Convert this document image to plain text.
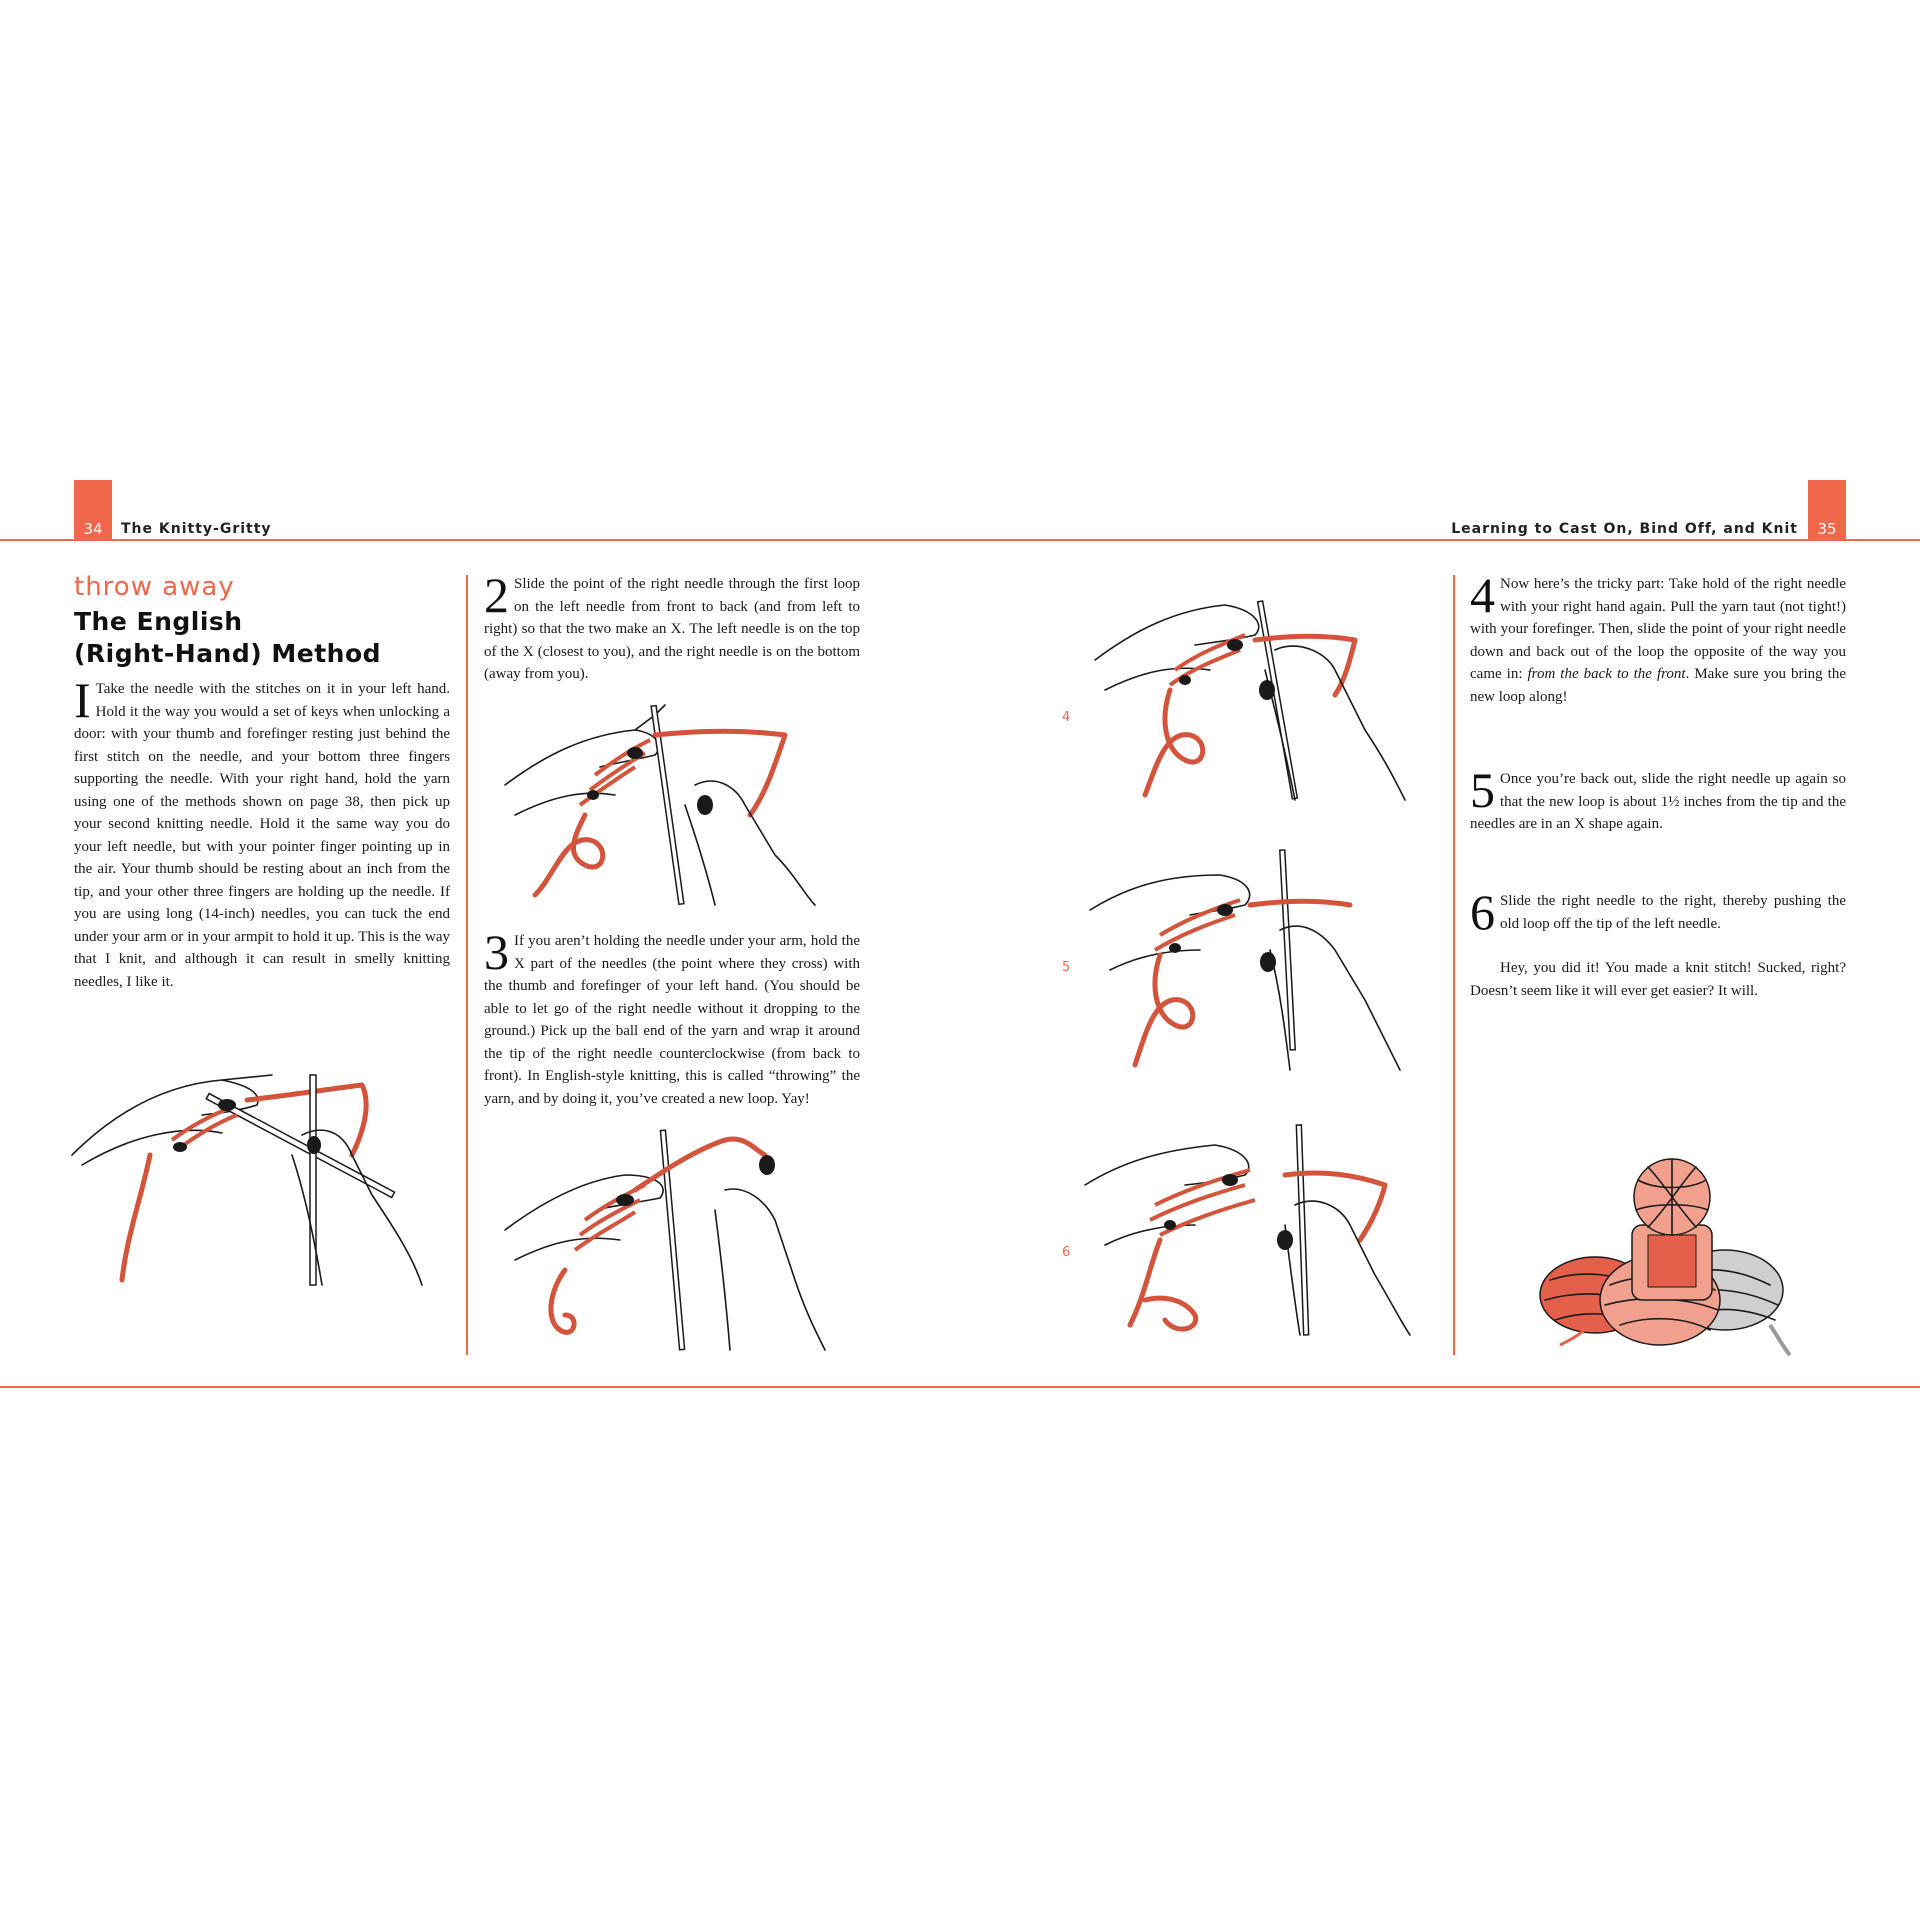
34	The Knitty-Gritty	Learning to Cast On, Bind Off, and Knit	35
throw away
The English
(Right-Hand) Method
I Take the needle with the stitches on it in your left hand. Hold it the way you would a set of keys when unlocking a door: with your thumb and forefinger resting just behind the first stitch on the needle, and your bottom three fingers supporting the needle. With your right hand, hold the yarn using one of the methods shown on page 38, then pick up your second knitting needle. Hold it the same way you do your left needle, but with your pointer finger pointing up in the air. Your thumb should be resting about an inch from the tip, and your other three fingers are holding up the needle. If you are using long (14-inch) needles, you can tuck the end under your arm or in your armpit to hold it up. This is the way that I knit, and although it can result in smelly knitting needles, I like it.
2 Slide the point of the right needle through the first loop on the left needle from front to back (and from left to right) so that the two make an X. The left needle is on the top of the X (closest to you), and the right needle is on the bottom (away from you).
3 If you aren’t holding the needle under your arm, hold the X part of the needles (the point where they cross) with the thumb and forefinger of your left hand. (You should be able to let go of the right needle without it dropping to the ground.) Pick up the ball end of the yarn and wrap it around the tip of the right needle counterclockwise (from back to front). In English-style knitting, this is called “throwing” the yarn, and by doing it, you’ve created a new loop. Yay!
4 Now here’s the tricky part: Take hold of the right needle with your right hand again. Pull the yarn taut (not tight!) with your forefinger. Then, slide the point of your right needle down and back out of the loop the opposite of the way you came in: from the back to the front. Make sure you bring the new loop along!
5 Once you’re back out, slide the right needle up again so that the new loop is about 1½ inches from the tip and the needles are in an X shape again.
6 Slide the right needle to the right, thereby pushing the old loop off the tip of the left needle.
Hey, you did it! You made a knit stitch! Sucked, right? Doesn’t seem like it will ever get easier? It will.
4
5
6
